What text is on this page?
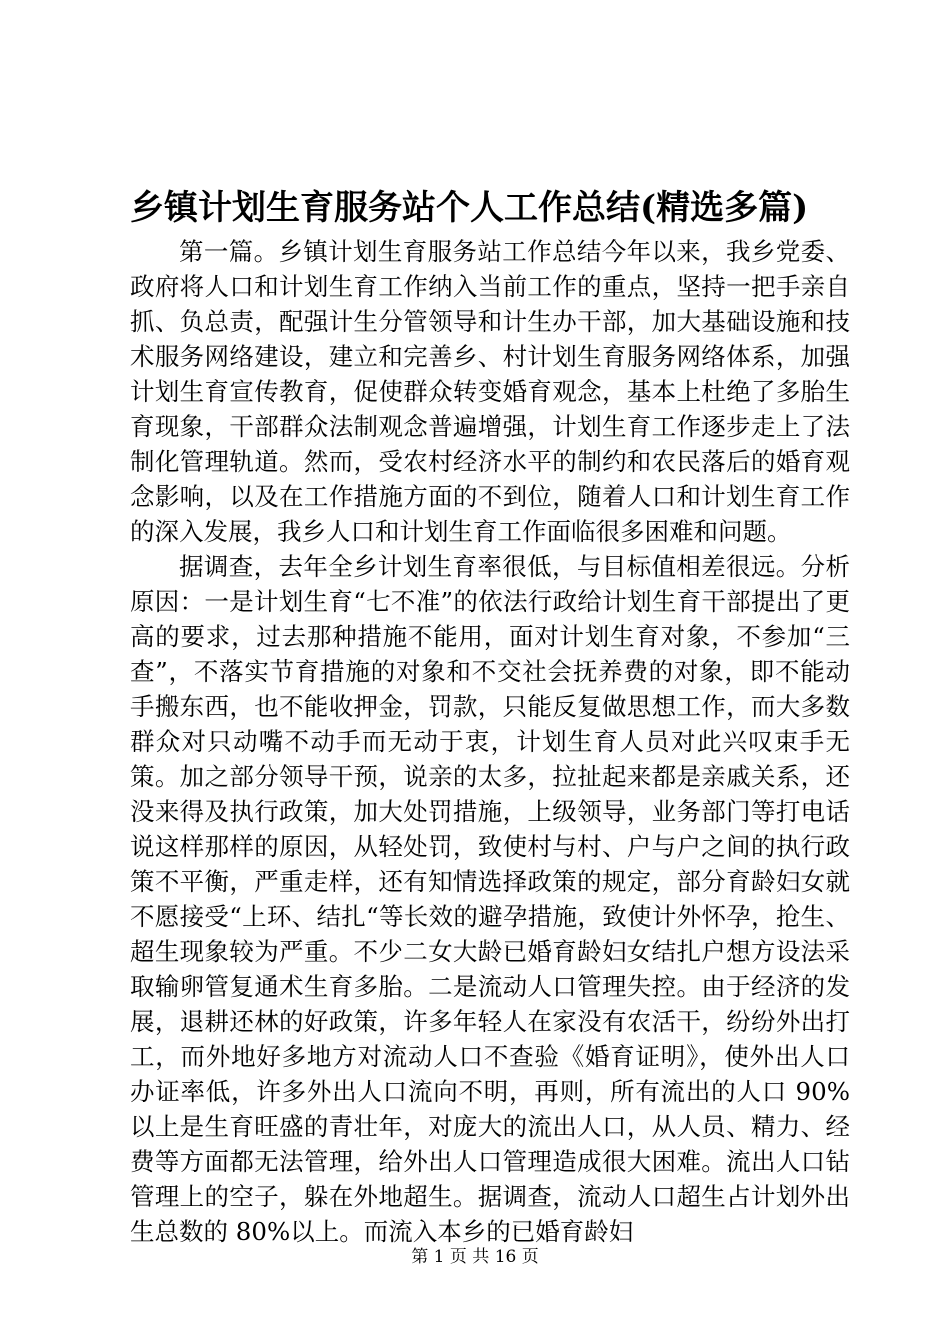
乡镇计划生育服务站个人工作总结(精选多篇)

第一篇。乡镇计划生育服务站工作总结今年以来，我乡党委、政府将人口和计划生育工作纳入当前工作的重点，坚持一把手亲自抓、负总责，配强计生分管领导和计生办干部，加大基础设施和技术服务网络建设，建立和完善乡、村计划生育服务网络体系，加强计划生育宣传教育，促使群众转变婚育观念，基本上杜绝了多胎生育现象，干部群众法制观念普遍增强，计划生育工作逐步走上了法制化管理轨道。然而，受农村经济水平的制约和农民落后的婚育观念影响，以及在工作措施方面的不到位，随着人口和计划生育工作的深入发展，我乡人口和计划生育工作面临很多困难和问题。

据调查，去年全乡计划生育率很低，与目标值相差很远。分析原因：一是计划生育“七不准”的依法行政给计划生育干部提出了更高的要求，过去那种措施不能用，面对计划生育对象，不参加“三查”，不落实节育措施的对象和不交社会抚养费的对象，即不能动手搬东西，也不能收押金，罚款，只能反复做思想工作，而大多数群众对只动嘴不动手而无动于衷，计划生育人员对此兴叹束手无策。加之部分领导干预，说亲的太多，拉扯起来都是亲戚关系，还没来得及执行政策，加大处罚措施，上级领导，业务部门等打电话说这样那样的原因，从轻处罚，致使村与村、户与户之间的执行政策不平衡，严重走样，还有知情选择政策的规定，部分育龄妇女就不愿接受“上环、结扎“等长效的避孕措施，致使计外怀孕，抢生、超生现象较为严重。不少二女大龄已婚育龄妇女结扎户想方设法采取输卵管复通术生育多胎。二是流动人口管理失控。由于经济的发展，退耕还林的好政策，许多年轻人在家没有农活干，纷纷外出打工，而外地好多地方对流动人口不查验《婚育证明》，使外出人口办证率低，许多外出人口流向不明，再则，所有流出的人口 90%以上是生育旺盛的青壮年，对庞大的流出人口，从人员、精力、经费等方面都无法管理，给外出人口管理造成很大困难。流出人口钻管理上的空子，躲在外地超生。据调查，流动人口超生占计划外出生总数的 80%以上。而流入本乡的已婚育龄妇

第 1 页 共 16 页
